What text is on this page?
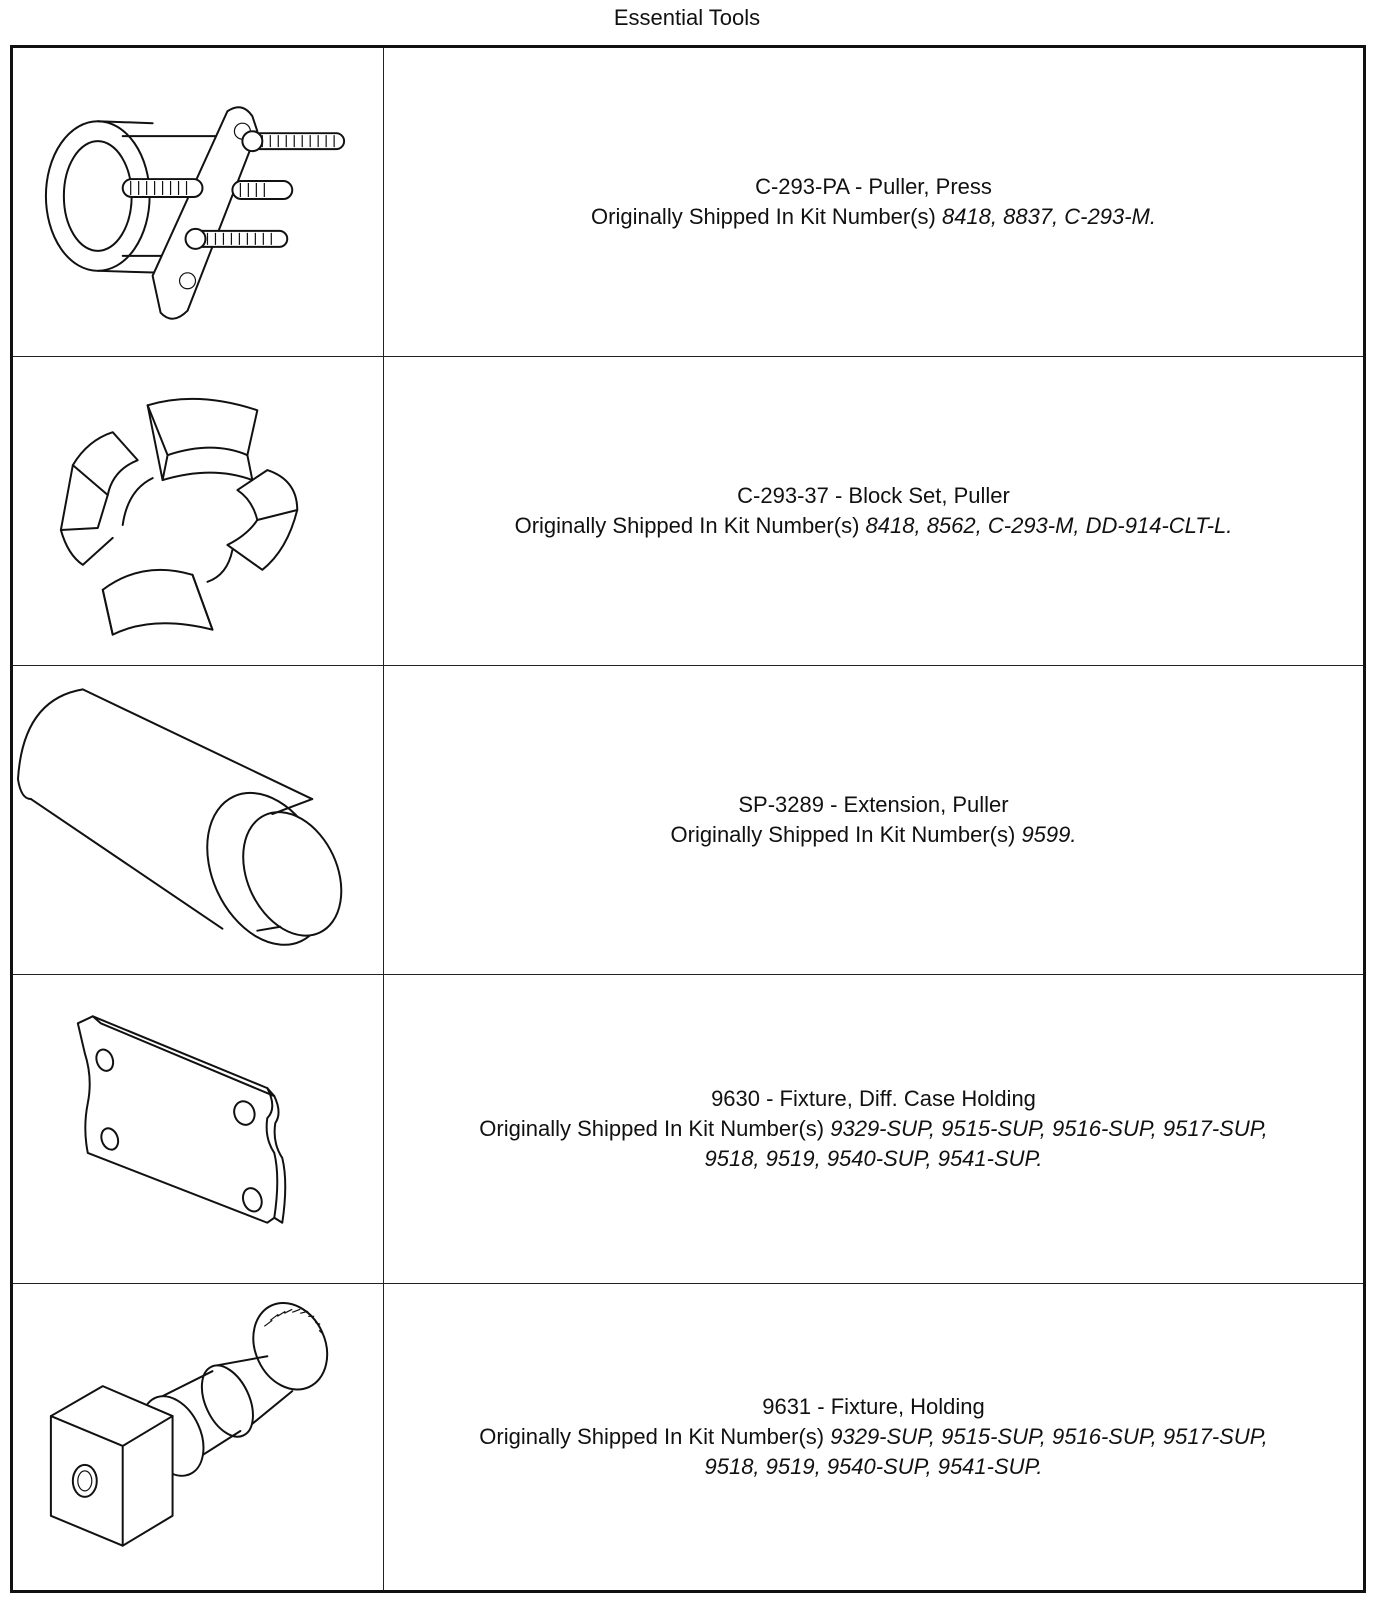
Essential Tools
C-293-PA - Puller, Press
Originally Shipped In Kit Number(s) 8418, 8837, C-293-M.
C-293-37 - Block Set, Puller
Originally Shipped In Kit Number(s) 8418, 8562, C-293-M, DD-914-CLT-L.
SP-3289 - Extension, Puller
Originally Shipped In Kit Number(s) 9599.
9630 - Fixture, Diff. Case Holding
Originally Shipped In Kit Number(s) 9329-SUP, 9515-SUP, 9516-SUP, 9517-SUP,
9518, 9519, 9540-SUP, 9541-SUP.
9631 - Fixture, Holding
Originally Shipped In Kit Number(s) 9329-SUP, 9515-SUP, 9516-SUP, 9517-SUP,
9518, 9519, 9540-SUP, 9541-SUP.
